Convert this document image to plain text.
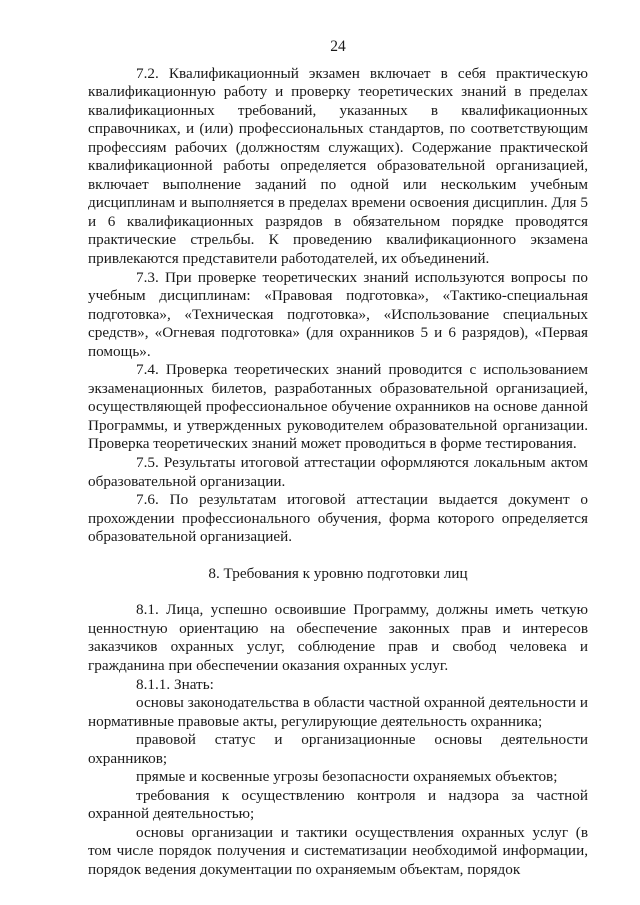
24

7.2. Квалификационный экзамен включает в себя практическую квалификационную работу и проверку теоретических знаний в пределах квалификационных требований, указанных в квалификационных справочниках, и (или) профессиональных стандартов, по соответствующим профессиям рабочих (должностям служащих). Содержание практической квалификационной работы определяется образовательной организацией, включает выполнение заданий по одной или нескольким учебным дисциплинам и выполняется в пределах времени освоения дисциплин. Для 5 и 6 квалификационных разрядов в обязательном порядке проводятся практические стрельбы. К проведению квалификационного экзамена привлекаются представители работодателей, их объединений.

7.3. При проверке теоретических знаний используются вопросы по учебным дисциплинам: «Правовая подготовка», «Тактико-специальная подготовка», «Техническая подготовка», «Использование специальных средств», «Огневая подготовка» (для охранников 5 и 6 разрядов), «Первая помощь».

7.4. Проверка теоретических знаний проводится с использованием экзаменационных билетов, разработанных образовательной организацией, осуществляющей профессиональное обучение охранников на основе данной Программы, и утвержденных руководителем образовательной организации. Проверка теоретических знаний может проводиться в форме тестирования.

7.5. Результаты итоговой аттестации оформляются локальным актом образовательной организации.

7.6. По результатам итоговой аттестации выдается документ о прохождении профессионального обучения, форма которого определяется образовательной организацией.

8. Требования к уровню подготовки лиц

8.1. Лица, успешно освоившие Программу, должны иметь четкую ценностную ориентацию на обеспечение законных прав и интересов заказчиков охранных услуг, соблюдение прав и свобод человека и гражданина при обеспечении оказания охранных услуг.

8.1.1. Знать:

основы законодательства в области частной охранной деятельности и нормативные правовые акты, регулирующие деятельность охранника;

правовой статус и организационные основы деятельности охранников;

прямые и косвенные угрозы безопасности охраняемых объектов;

требования к осуществлению контроля и надзора за частной охранной деятельностью;

основы организации и тактики осуществления охранных услуг (в том числе порядок получения и систематизации необходимой информации, порядок ведения документации по охраняемым объектам, порядок
